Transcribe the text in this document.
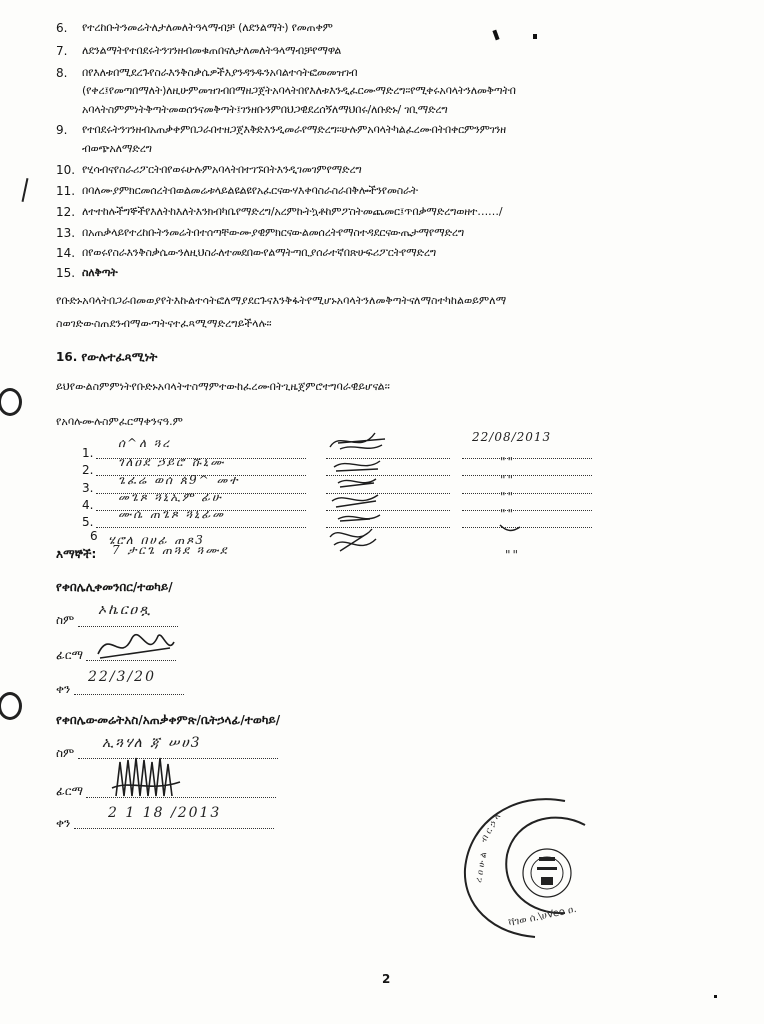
6.	የተረከቡትንመሬትለታለመለትዓላማብቻ (ለደንልማት) የመጠቀም
7.	ለደንልማትየተበደሩትንገንዘብመቁጠበናለታለመለትዓላማብቻየማዋል
8.	በየእለቱበሚደረጉየስራእንቅስቃሴዎችእያንዳንዱንአባልተሳትፎመመዝገብ
(የቀረ፤የመጣበማለት)ለዚሁምመዝገብበማዘጋጀትአባላትበየእለቱእንዲፈርሙማድረግ፡፡የሚቀሩአባላትንለመቅጣትበ
አባላትስምምነትቅጣትመወሰንናመቅጣት፤ገንዘቡንምበህጋዊደረሰኝለማህበሩ/ለቡድኑ/ ገቢማድረግ
9.	የተበደሩትንገንዘብአጠቃቀምበጋራበተዘጋጀእቅድእንዲመራየማድረግ፡፡ሁሉምአባላትካልፈረሙበትበቀርምንምገንዘ
ብወጭአለማድረግ
10. የሂሳብናየስራሪፖርትበየወሩሁሉምአባላትበተገኙበትእንዲገመገምየማድረግ
11. በባለሙያምክርመሰረትበወልመሬቱላይልዩልዩየአፈርናውሃእቀባስራስራበቅሎችንየመስራት
12. ለተተከሉችግኞችየእለትከእለትእንክብካቤየማድረግ/አረምኩትኳቶከምፖስትመጨመር፤ጥበቃማድረግወዘተ……/
13. በአጠቃላይየተረከቡትንመሬትበተሰጣቸውሙያዊምክርናውልመሰረትየማስተዳደርናውጤታማየማድረግ
14. በየወሩየስራእንቅስቃሴውንለዚህስራለተመደበውየልማትጣቢያሰራተኛበጽሁፍሪፖርትየማድረግ
15. ስለቅጣት
የቡድኑአባላትበጋራበመወያየትእኩልተሳትፎለማያደርጉናእንቅፋትየሚሆኑአባላትንለመቅጣትናለማስተካከልወይምለማ
ስወገድውስጠደንብማውጣትናተፈጻሚማድረግይችላሉ፡፡
16. የውሉተፈጻሚነት
ይህየውልስምምነትየቡድኑአባላትተስማምተውከፈረሙበትጊዜጀምሮተግባራዊይሆናል፡፡
የአባሉሙሉስምፈርማቀንናዓ.ም
1.
ሰ^ለ ጓረ	22/08/2013
2.
ገለዐደ ኃይሮ ሹኒሙ	""
3.
ጌፈሬ ወሰ ጰ9^ መተ	""
4.
መጌጾ ጓኒኢም ፊሁ	""
5.
ሙሴ ጠጌጾ ጓኒፊመ	""
6 ሄሮለ በሀፊ ጠጾ3
""
እማኞች: 7 ታርጌ ጠጓደ ጓሙደ
የቀበሌሊቀመንበር/ተወካይ/
ስም
ኦኬርዐጿ
ፊርማ
ቀን
22/3/20
የቀበሌውመሬትአስ/አጠቃቀምጽ/ቤትኃላፊ/ተወካይ/
ስም
ኢጓሃለ ጃ ሠሀ3
ፊርማ
ቀን
2 1 18 /2013	ብ ር ኃ ላ
ረ ዐ ሁ ል
ቫገወ ሰ.\ሀVeo ዐ.
2
